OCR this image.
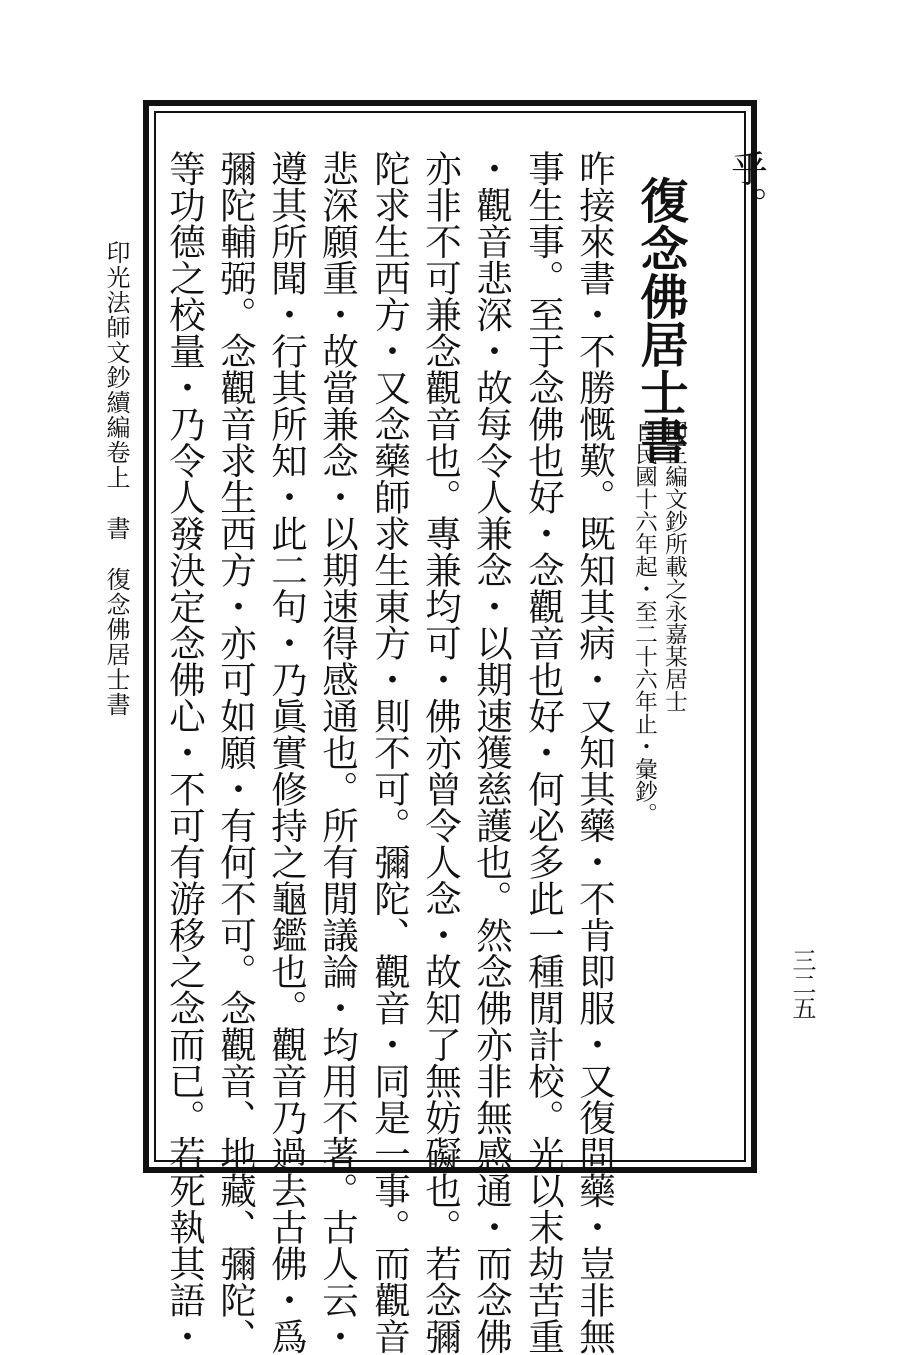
三二五
乎。
復念佛居士書
即正編文鈔所載之永嘉某居士
自民國十六年起・至二十六年止・彙鈔。
昨接來書・不勝慨歎。既知其病・又知其藥・不肯即服・又復問藥・豈非無
事生事。至于念佛也好・念觀音也好・何必多此一種閒計校。光以末劫苦重
・觀音悲深・故每令人兼念・以期速獲慈護也。然念佛亦非無感通・而念佛
亦非不可兼念觀音也。專兼均可・佛亦曾令人念・故知了無妨礙也。若念彌
陀求生西方・又念藥師求生東方・則不可。彌陀、觀音・同是一事。而觀音
悲深願重・故當兼念・以期速得感通也。所有閒議論・均用不著。古人云・
遵其所聞・行其所知・此二句・乃眞實修持之龜鑑也。觀音乃過去古佛・爲
彌陀輔弼。念觀音求生西方・亦可如願・有何不可。念觀音、地藏、彌陀、
等功德之校量・乃令人發決定念佛心・不可有游移之念而已。若死執其語・
印光法師文鈔續編卷上書復念佛居士書
